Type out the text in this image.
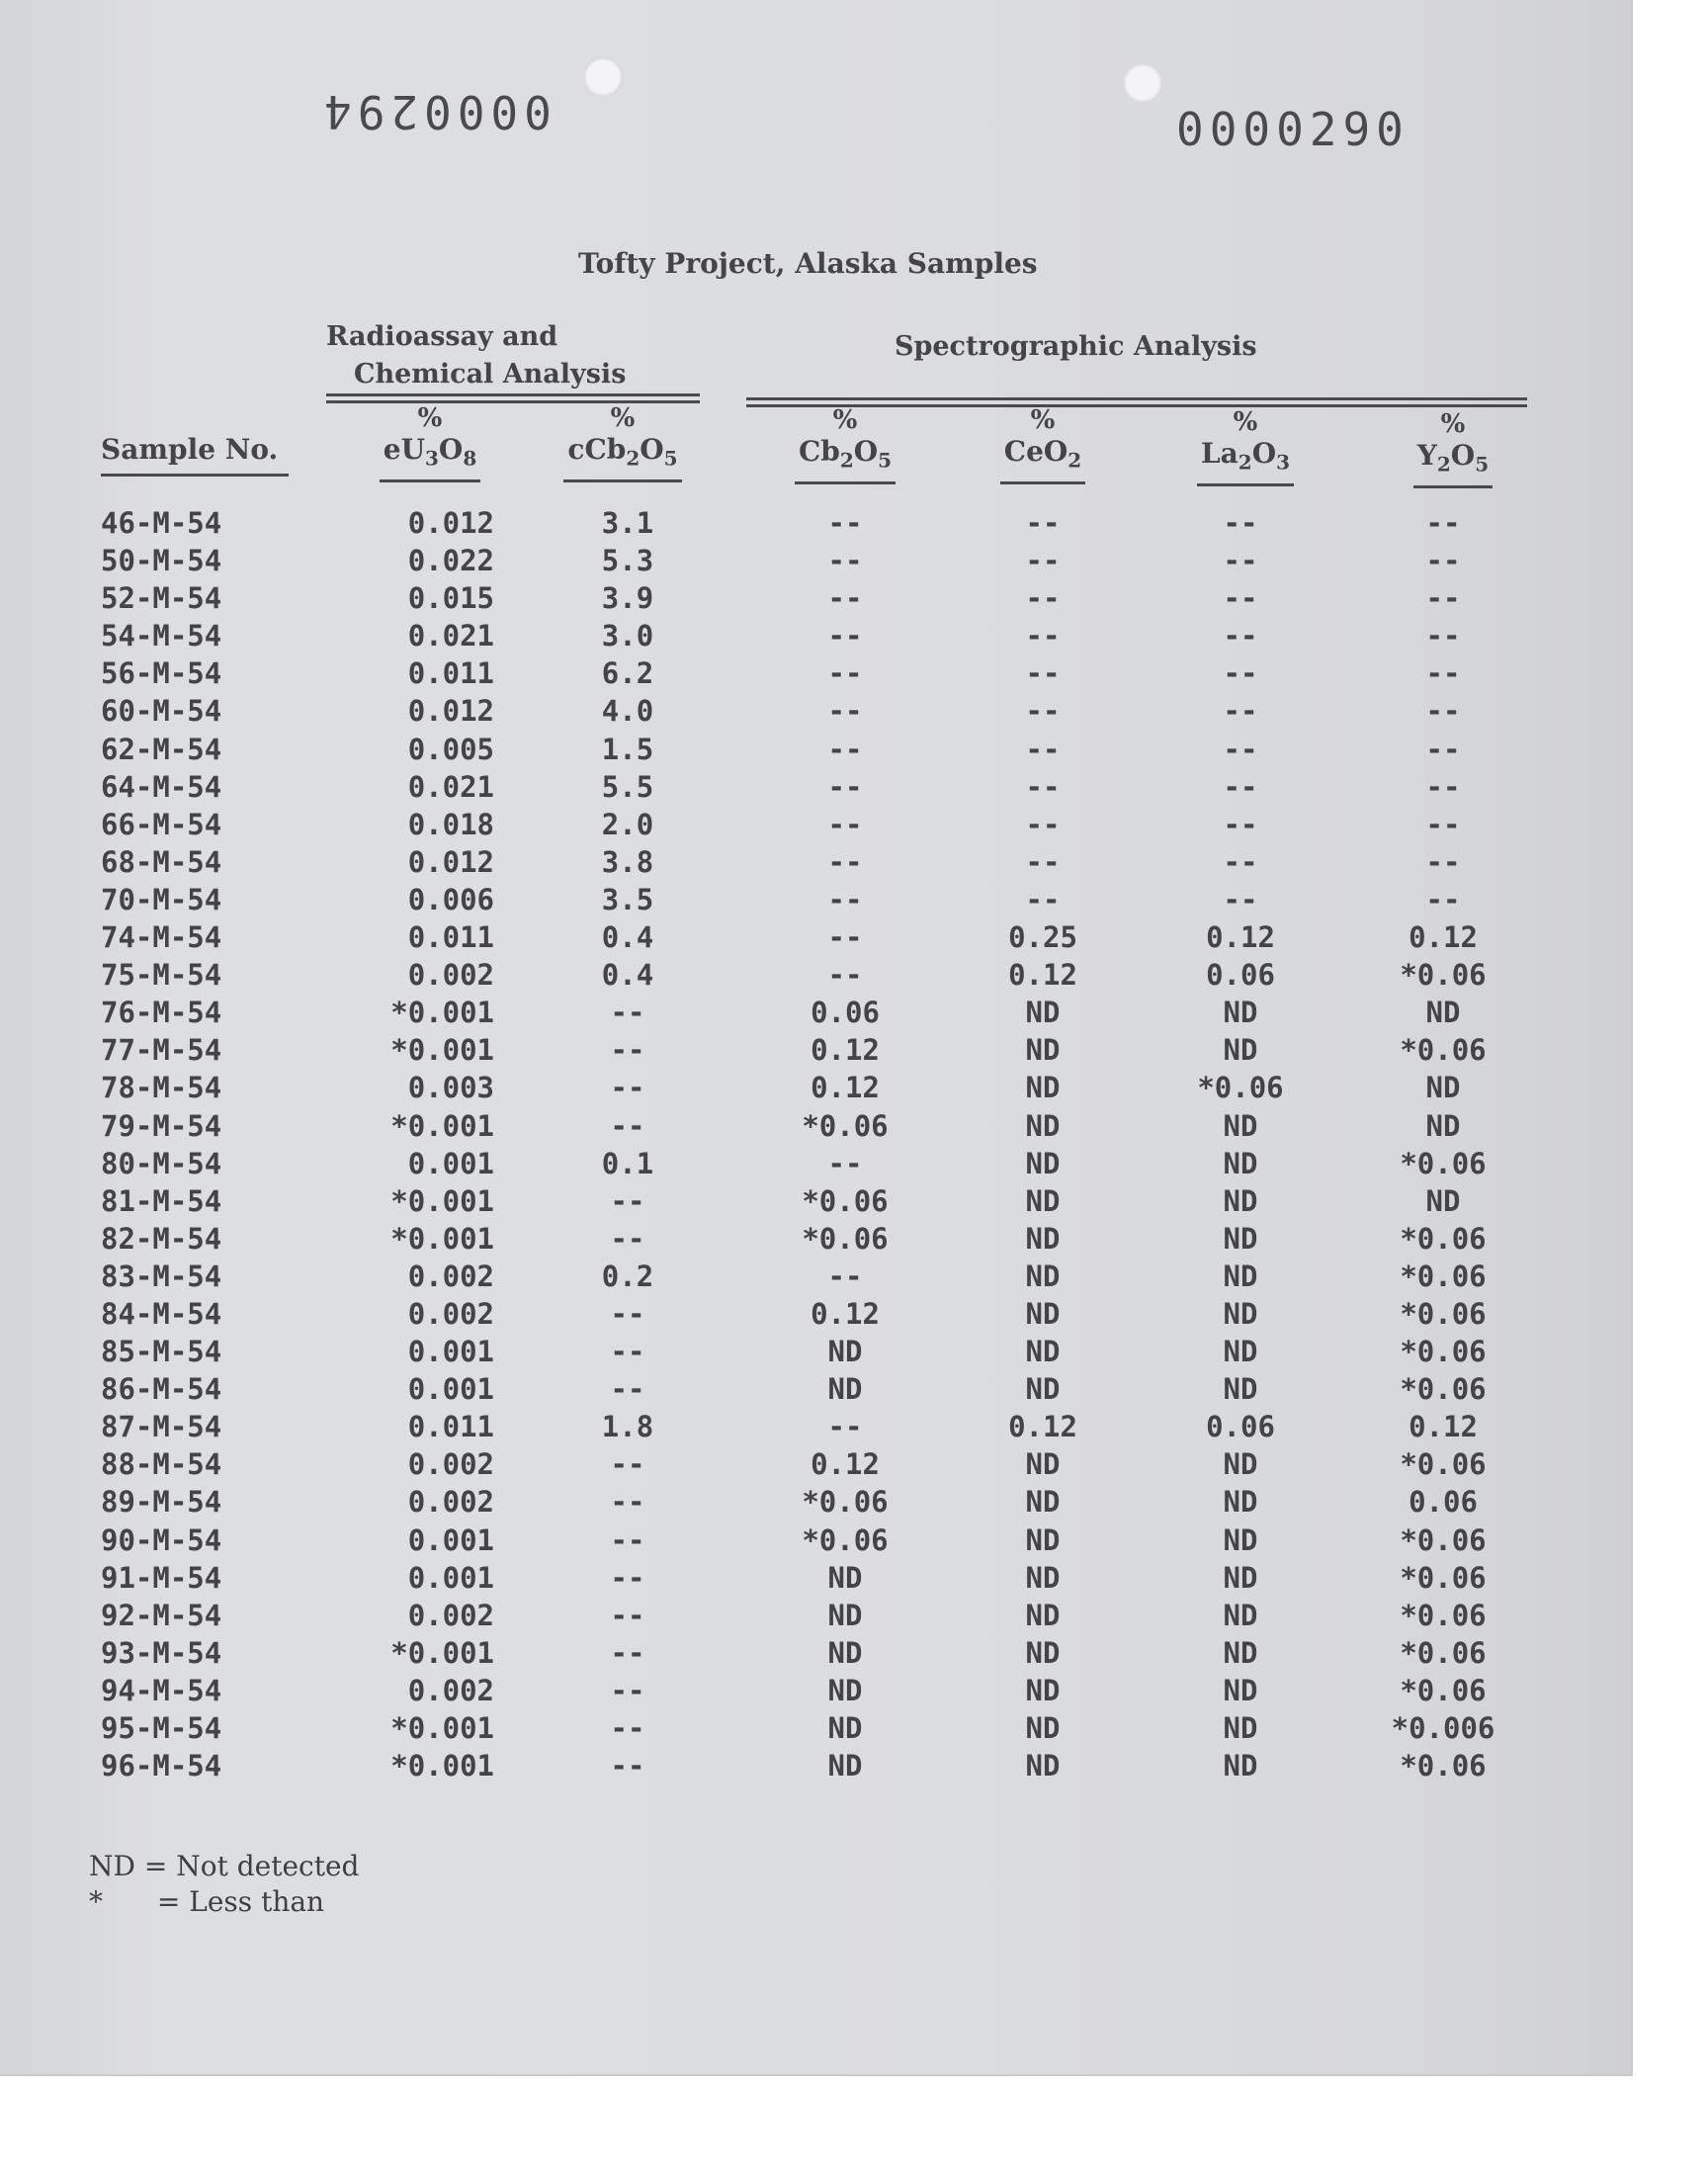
0000294	0000290
Tofty Project, Alaska Samples
Radioassay and
Chemical Analysis
Spectrographic Analysis
Sample No.
%
$eU_3O_8$
%
$cCb_2O_5$
%
$Cb_2O_5$
%
CeO$_2$
%
$La_2O_3$
%
$Y_2O_5$
46-M-54	0.012	3.1	--	--	--	--
50-M-54	0.022	5.3	--	--	--	--
52-M-54	0.015	3.9	--	--	--	--
54-M-54	0.021	3.0	--	--	--	--
56-M-54	0.011	6.2	--	--	--	--
60-M-54	0.012	4.0	--	--	--	--
62-M-54	0.005	1.5	--	--	--	--
64-M-54	0.021	5.5	--	--	--	--
66-M-54	0.018	2.0	--	--	--	--
68-M-54	0.012	3.8	--	--	--	--
70-M-54	0.006	3.5	--	--	--	--
74-M-54	0.011	0.4	--	0.25	0.12	0.12
75-M-54	0.002	0.4	--	0.12	0.06	*0.06
76-M-54	*0.001	--	0.06	ND	ND	ND
77-M-54	*0.001	--	0.12	ND	ND	*0.06
78-M-54	0.003	--	0.12	ND	*0.06	ND
79-M-54	*0.001	--	*0.06	ND	ND	ND
80-M-54	0.001	0.1	--	ND	ND	*0.06
81-M-54	*0.001	--	*0.06	ND	ND	ND
82-M-54	*0.001	--	*0.06	ND	ND	*0.06
83-M-54	0.002	0.2	--	ND	ND	*0.06
84-M-54	0.002	--	0.12	ND	ND	*0.06
85-M-54	0.001	--	ND	ND	ND	*0.06
86-M-54	0.001	--	ND	ND	ND	*0.06
87-M-54	0.011	1.8	--	0.12	0.06	0.12
88-M-54	0.002	--	0.12	ND	ND	*0.06
89-M-54	0.002	--	*0.06	ND	ND	0.06
90-M-54	0.001	--	*0.06	ND	ND	*0.06
91-M-54	0.001	--	ND	ND	ND	*0.06
92-M-54	0.002	--	ND	ND	ND	*0.06
93-M-54	*0.001	--	ND	ND	ND	*0.06
94-M-54	0.002	--	ND	ND	ND	*0.06
95-M-54	*0.001	--	ND	ND	ND	*0.006
96-M-54	*0.001	--	ND	ND	ND	*0.06
ND = Not detected
* = Less than
